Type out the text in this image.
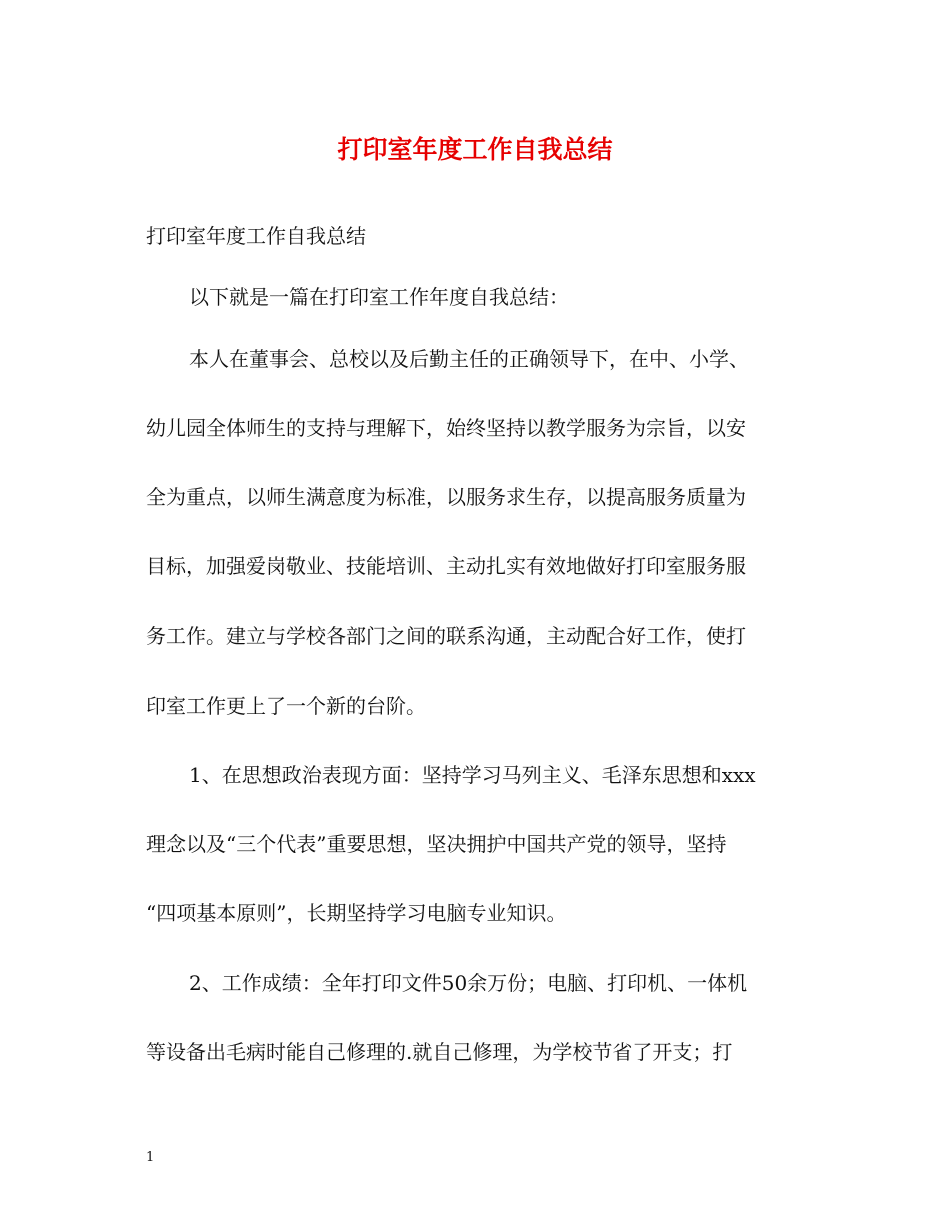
打印室年度工作自我总结

打印室年度工作自我总结

以下就是一篇在打印室工作年度自我总结：

本人在董事会、总校以及后勤主任的正确领导下，在中、小学、

幼儿园全体师生的支持与理解下，始终坚持以教学服务为宗旨，以安

全为重点，以师生满意度为标准，以服务求生存，以提高服务质量为

目标，加强爱岗敬业、技能培训、主动扎实有效地做好打印室服务服

务工作。建立与学校各部门之间的联系沟通，主动配合好工作，使打

印室工作更上了一个新的台阶。

1、在思想政治表现方面：坚持学习马列主义、毛泽东思想和xxx

理念以及“三个代表”重要思想，坚决拥护中国共产党的领导，坚持

“四项基本原则”，长期坚持学习电脑专业知识。

2、工作成绩：全年打印文件50余万份；电脑、打印机、一体机

等设备出毛病时能自己修理的.就自己修理，为学校节省了开支；打

1
